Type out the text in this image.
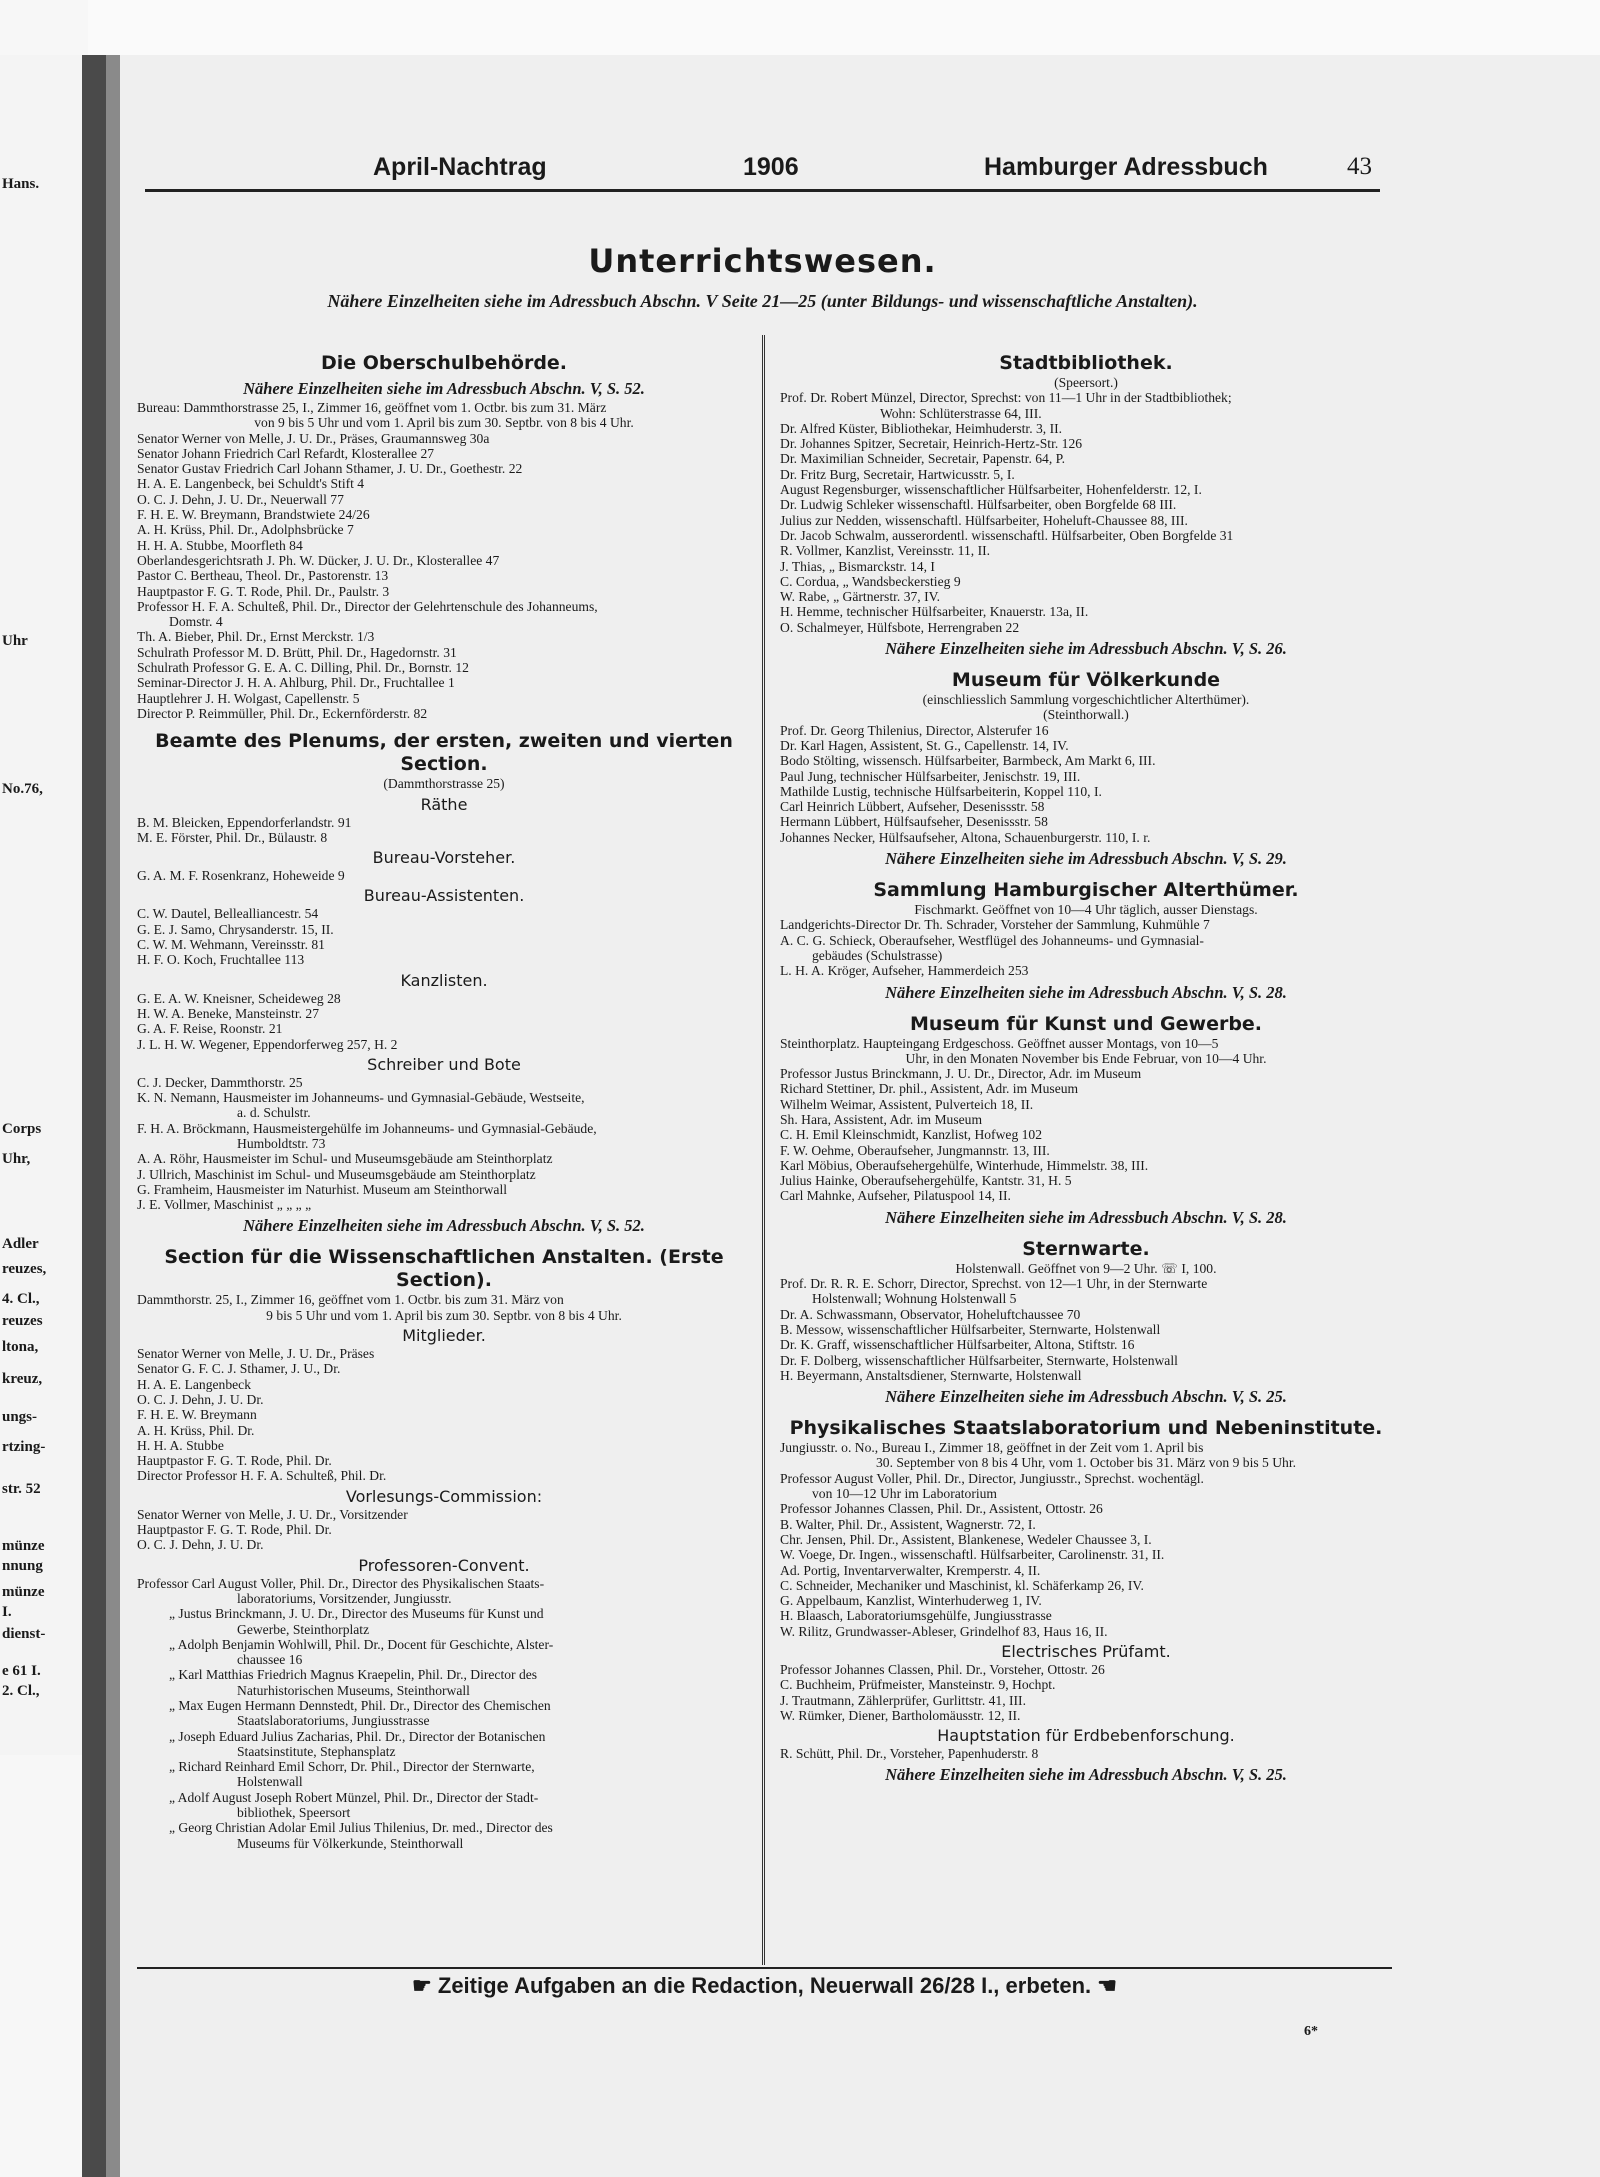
Hans.
Uhr
No.76,
Corps
Uhr,
Adler
reuzes,
4. Cl.,
reuzes
ltona,
kreuz,
ungs-
rtzing-
str. 52
münze
nnung
münze
I.
dienst-
e 61 I.
2. Cl.,
April-Nachtrag	1906	Hamburger Adressbuch	43
Unterrichtswesen.
Nähere Einzelheiten siehe im Adressbuch Abschn. V Seite 21—25 (unter Bildungs- und wissenschaftliche Anstalten).
Die Oberschulbehörde.
Nähere Einzelheiten siehe im Adressbuch Abschn. V, S. 52.
Bureau: Dammthorstrasse 25, I., Zimmer 16, geöffnet vom 1. Octbr. bis zum 31. März
von 9 bis 5 Uhr und vom 1. April bis zum 30. Septbr. von 8 bis 4 Uhr.
Senator Werner von Melle, J. U. Dr., Präses, Graumannsweg 30a
Senator Johann Friedrich Carl Refardt, Klosterallee 27
Senator Gustav Friedrich Carl Johann Sthamer, J. U. Dr., Goethestr. 22
H. A. E. Langenbeck, bei Schuldt's Stift 4
O. C. J. Dehn, J. U. Dr., Neuerwall 77
F. H. E. W. Breymann, Brandstwiete 24/26
A. H. Krüss, Phil. Dr., Adolphsbrücke 7
H. H. A. Stubbe, Moorfleth 84
Oberlandesgerichtsrath J. Ph. W. Dücker, J. U. Dr., Klosterallee 47
Pastor C. Bertheau, Theol. Dr., Pastorenstr. 13
Hauptpastor F. G. T. Rode, Phil. Dr., Paulstr. 3
Professor H. F. A. Schulteß, Phil. Dr., Director der Gelehrtenschule des Johanneums,
Domstr. 4
Th. A. Bieber, Phil. Dr., Ernst Merckstr. 1/3
Schulrath Professor M. D. Brütt, Phil. Dr., Hagedornstr. 31
Schulrath Professor G. E. A. C. Dilling, Phil. Dr., Bornstr. 12
Seminar-Director J. H. A. Ahlburg, Phil. Dr., Fruchtallee 1
Hauptlehrer J. H. Wolgast, Capellenstr. 5
Director P. Reimmüller, Phil. Dr., Eckernförderstr. 82
Beamte des Plenums, der ersten, zweiten und vierten Section.
(Dammthorstrasse 25)
Räthe
B. M. Bleicken, Eppendorferlandstr. 91
M. E. Förster, Phil. Dr., Bülaustr. 8
Bureau-Vorsteher.
G. A. M. F. Rosenkranz, Hoheweide 9
Bureau-Assistenten.
C. W. Dautel, Bellealliancestr. 54
G. E. J. Samo, Chrysanderstr. 15, II.
C. W. M. Wehmann, Vereinsstr. 81
H. F. O. Koch, Fruchtallee 113
Kanzlisten.
G. E. A. W. Kneisner, Scheideweg 28
H. W. A. Beneke, Mansteinstr. 27
G. A. F. Reise, Roonstr. 21
J. L. H. W. Wegener, Eppendorferweg 257, H. 2
Schreiber und Bote
C. J. Decker, Dammthorstr. 25
K. N. Nemann, Hausmeister im Johanneums- und Gymnasial-Gebäude, Westseite,
a. d. Schulstr.
F. H. A. Bröckmann, Hausmeistergehülfe im Johanneums- und Gymnasial-Gebäude,
Humboldtstr. 73
A. A. Röhr, Hausmeister im Schul- und Museumsgebäude am Steinthorplatz
J. Ullrich, Maschinist im Schul- und Museumsgebäude am Steinthorplatz
G. Framheim, Hausmeister im Naturhist. Museum am Steinthorwall
J. E. Vollmer, Maschinist „ „ „ „
Nähere Einzelheiten siehe im Adressbuch Abschn. V, S. 52.
Section für die Wissenschaftlichen Anstalten. (Erste Section).
Dammthorstr. 25, I., Zimmer 16, geöffnet vom 1. Octbr. bis zum 31. März von
9 bis 5 Uhr und vom 1. April bis zum 30. Septbr. von 8 bis 4 Uhr.
Mitglieder.
Senator Werner von Melle, J. U. Dr., Präses
Senator G. F. C. J. Sthamer, J. U., Dr.
H. A. E. Langenbeck
O. C. J. Dehn, J. U. Dr.
F. H. E. W. Breymann
A. H. Krüss, Phil. Dr.
H. H. A. Stubbe
Hauptpastor F. G. T. Rode, Phil. Dr.
Director Professor H. F. A. Schulteß, Phil. Dr.
Vorlesungs-Commission:
Senator Werner von Melle, J. U. Dr., Vorsitzender
Hauptpastor F. G. T. Rode, Phil. Dr.
O. C. J. Dehn, J. U. Dr.
Professoren-Convent.
Professor Carl August Voller, Phil. Dr., Director des Physikalischen Staats-
laboratoriums, Vorsitzender, Jungiusstr.
„ Justus Brinckmann, J. U. Dr., Director des Museums für Kunst und
Gewerbe, Steinthorplatz
„ Adolph Benjamin Wohlwill, Phil. Dr., Docent für Geschichte, Alster-
chaussee 16
„ Karl Matthias Friedrich Magnus Kraepelin, Phil. Dr., Director des
Naturhistorischen Museums, Steinthorwall
„ Max Eugen Hermann Dennstedt, Phil. Dr., Director des Chemischen
Staatslaboratoriums, Jungiusstrasse
„ Joseph Eduard Julius Zacharias, Phil. Dr., Director der Botanischen
Staatsinstitute, Stephansplatz
„ Richard Reinhard Emil Schorr, Dr. Phil., Director der Sternwarte,
Holstenwall
„ Adolf August Joseph Robert Münzel, Phil. Dr., Director der Stadt-
bibliothek, Speersort
„ Georg Christian Adolar Emil Julius Thilenius, Dr. med., Director des
Museums für Völkerkunde, Steinthorwall
Stadtbibliothek.
(Speersort.)
Prof. Dr. Robert Münzel, Director, Sprechst: von 11—1 Uhr in der Stadtbibliothek;
Wohn: Schlüterstrasse 64, III.
Dr. Alfred Küster, Bibliothekar, Heimhuderstr. 3, II.
Dr. Johannes Spitzer, Secretair, Heinrich-Hertz-Str. 126
Dr. Maximilian Schneider, Secretair, Papenstr. 64, P.
Dr. Fritz Burg, Secretair, Hartwicusstr. 5, I.
August Regensburger, wissenschaftlicher Hülfsarbeiter, Hohenfelderstr. 12, I.
Dr. Ludwig Schleker wissenschaftl. Hülfsarbeiter, oben Borgfelde 68 III.
Julius zur Nedden, wissenschaftl. Hülfsarbeiter, Hoheluft-Chaussee 88, III.
Dr. Jacob Schwalm, ausserordentl. wissenschaftl. Hülfsarbeiter, Oben Borgfelde 31
R. Vollmer, Kanzlist, Vereinsstr. 11, II.
J. Thias, „ Bismarckstr. 14, I
C. Cordua, „ Wandsbeckerstieg 9
W. Rabe, „ Gärtnerstr. 37, IV.
H. Hemme, technischer Hülfsarbeiter, Knauerstr. 13a, II.
O. Schalmeyer, Hülfsbote, Herrengraben 22
Nähere Einzelheiten siehe im Adressbuch Abschn. V, S. 26.
Museum für Völkerkunde
(einschliesslich Sammlung vorgeschichtlicher Alterthümer).
(Steinthorwall.)
Prof. Dr. Georg Thilenius, Director, Alsterufer 16
Dr. Karl Hagen, Assistent, St. G., Capellenstr. 14, IV.
Bodo Stölting, wissensch. Hülfsarbeiter, Barmbeck, Am Markt 6, III.
Paul Jung, technischer Hülfsarbeiter, Jenischstr. 19, III.
Mathilde Lustig, technische Hülfsarbeiterin, Koppel 110, I.
Carl Heinrich Lübbert, Aufseher, Desenissstr. 58
Hermann Lübbert, Hülfsaufseher, Desenissstr. 58
Johannes Necker, Hülfsaufseher, Altona, Schauenburgerstr. 110, I. r.
Nähere Einzelheiten siehe im Adressbuch Abschn. V, S. 29.
Sammlung Hamburgischer Alterthümer.
Fischmarkt. Geöffnet von 10—4 Uhr täglich, ausser Dienstags.
Landgerichts-Director Dr. Th. Schrader, Vorsteher der Sammlung, Kuhmühle 7
A. C. G. Schieck, Oberaufseher, Westflügel des Johanneums- und Gymnasial-
gebäudes (Schulstrasse)
L. H. A. Kröger, Aufseher, Hammerdeich 253
Nähere Einzelheiten siehe im Adressbuch Abschn. V, S. 28.
Museum für Kunst und Gewerbe.
Steinthorplatz. Haupteingang Erdgeschoss. Geöffnet ausser Montags, von 10—5
Uhr, in den Monaten November bis Ende Februar, von 10—4 Uhr.
Professor Justus Brinckmann, J. U. Dr., Director, Adr. im Museum
Richard Stettiner, Dr. phil., Assistent, Adr. im Museum
Wilhelm Weimar, Assistent, Pulverteich 18, II.
Sh. Hara, Assistent, Adr. im Museum
C. H. Emil Kleinschmidt, Kanzlist, Hofweg 102
F. W. Oehme, Oberaufseher, Jungmannstr. 13, III.
Karl Möbius, Oberaufsehergehülfe, Winterhude, Himmelstr. 38, III.
Julius Hainke, Oberaufsehergehülfe, Kantstr. 31, H. 5
Carl Mahnke, Aufseher, Pilatuspool 14, II.
Nähere Einzelheiten siehe im Adressbuch Abschn. V, S. 28.
Sternwarte.
Holstenwall. Geöffnet von 9—2 Uhr. ☏ I, 100.
Prof. Dr. R. R. E. Schorr, Director, Sprechst. von 12—1 Uhr, in der Sternwarte
Holstenwall; Wohnung Holstenwall 5
Dr. A. Schwassmann, Observator, Hoheluftchaussee 70
B. Messow, wissenschaftlicher Hülfsarbeiter, Sternwarte, Holstenwall
Dr. K. Graff, wissenschaftlicher Hülfsarbeiter, Altona, Stiftstr. 16
Dr. F. Dolberg, wissenschaftlicher Hülfsarbeiter, Sternwarte, Holstenwall
H. Beyermann, Anstaltsdiener, Sternwarte, Holstenwall
Nähere Einzelheiten siehe im Adressbuch Abschn. V, S. 25.
Physikalisches Staatslaboratorium und Nebeninstitute.
Jungiusstr. o. No., Bureau I., Zimmer 18, geöffnet in der Zeit vom 1. April bis
30. September von 8 bis 4 Uhr, vom 1. October bis 31. März von 9 bis 5 Uhr.
Professor August Voller, Phil. Dr., Director, Jungiusstr., Sprechst. wochentägl.
von 10—12 Uhr im Laboratorium
Professor Johannes Classen, Phil. Dr., Assistent, Ottostr. 26
B. Walter, Phil. Dr., Assistent, Wagnerstr. 72, I.
Chr. Jensen, Phil. Dr., Assistent, Blankenese, Wedeler Chaussee 3, I.
W. Voege, Dr. Ingen., wissenschaftl. Hülfsarbeiter, Carolinenstr. 31, II.
Ad. Portig, Inventarverwalter, Kremperstr. 4, II.
C. Schneider, Mechaniker und Maschinist, kl. Schäferkamp 26, IV.
G. Appelbaum, Kanzlist, Winterhuderweg 1, IV.
H. Blaasch, Laboratoriumsgehülfe, Jungiusstrasse
W. Rilitz, Grundwasser-Ableser, Grindelhof 83, Haus 16, II.
Electrisches Prüfamt.
Professor Johannes Classen, Phil. Dr., Vorsteher, Ottostr. 26
C. Buchheim, Prüfmeister, Mansteinstr. 9, Hochpt.
J. Trautmann, Zählerprüfer, Gurlittstr. 41, III.
W. Rümker, Diener, Bartholomäusstr. 12, II.
Hauptstation für Erdbebenforschung.
R. Schütt, Phil. Dr., Vorsteher, Papenhuderstr. 8
Nähere Einzelheiten siehe im Adressbuch Abschn. V, S. 25.
☛ Zeitige Aufgaben an die Redaction, Neuerwall 26/28 I., erbeten. ☚
6*
